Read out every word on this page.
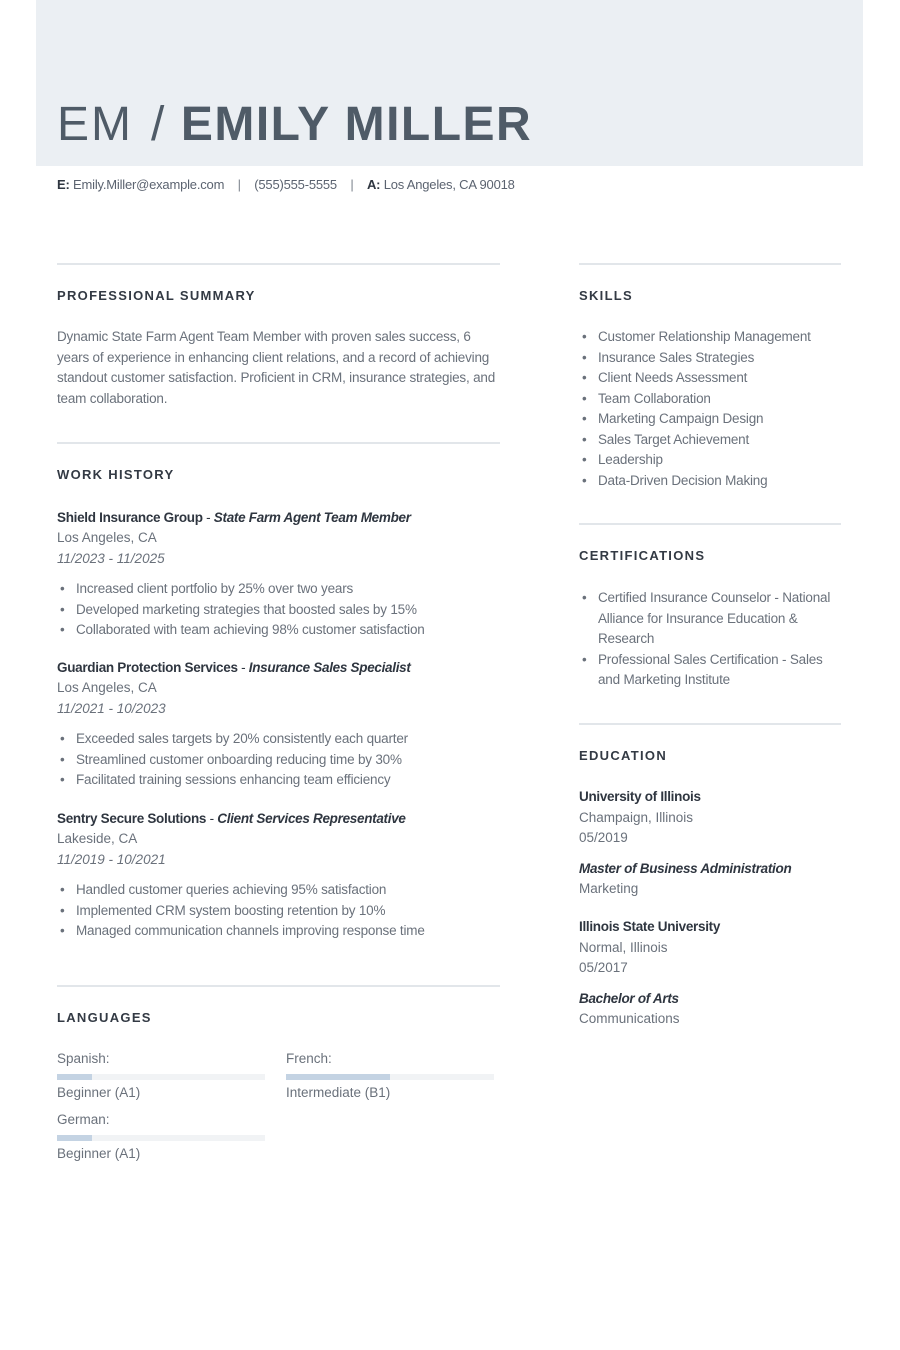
EM / EMILY MILLER
E: Emily.Miller@example.com | (555)555-5555 | A: Los Angeles, CA 90018
PROFESSIONAL SUMMARY
Dynamic State Farm Agent Team Member with proven sales success, 6 years of experience in enhancing client relations, and a record of achieving standout customer satisfaction. Proficient in CRM, insurance strategies, and team collaboration.
WORK HISTORY
Shield Insurance Group - State Farm Agent Team Member
Los Angeles, CA
11/2023 - 11/2025
• Increased client portfolio by 25% over two years
• Developed marketing strategies that boosted sales by 15%
• Collaborated with team achieving 98% customer satisfaction
Guardian Protection Services - Insurance Sales Specialist
Los Angeles, CA
11/2021 - 10/2023
• Exceeded sales targets by 20% consistently each quarter
• Streamlined customer onboarding reducing time by 30%
• Facilitated training sessions enhancing team efficiency
Sentry Secure Solutions - Client Services Representative
Lakeside, CA
11/2019 - 10/2021
• Handled customer queries achieving 95% satisfaction
• Implemented CRM system boosting retention by 10%
• Managed communication channels improving response time
LANGUAGES
Spanish:
Beginner (A1)
French:
Intermediate (B1)
German:
Beginner (A1)
SKILLS
• Customer Relationship Management
• Insurance Sales Strategies
• Client Needs Assessment
• Team Collaboration
• Marketing Campaign Design
• Sales Target Achievement
• Leadership
• Data-Driven Decision Making
CERTIFICATIONS
• Certified Insurance Counselor - National Alliance for Insurance Education & Research
• Professional Sales Certification - Sales and Marketing Institute
EDUCATION
University of Illinois
Champaign, Illinois
05/2019
Master of Business Administration
Marketing
Illinois State University
Normal, Illinois
05/2017
Bachelor of Arts
Communications
